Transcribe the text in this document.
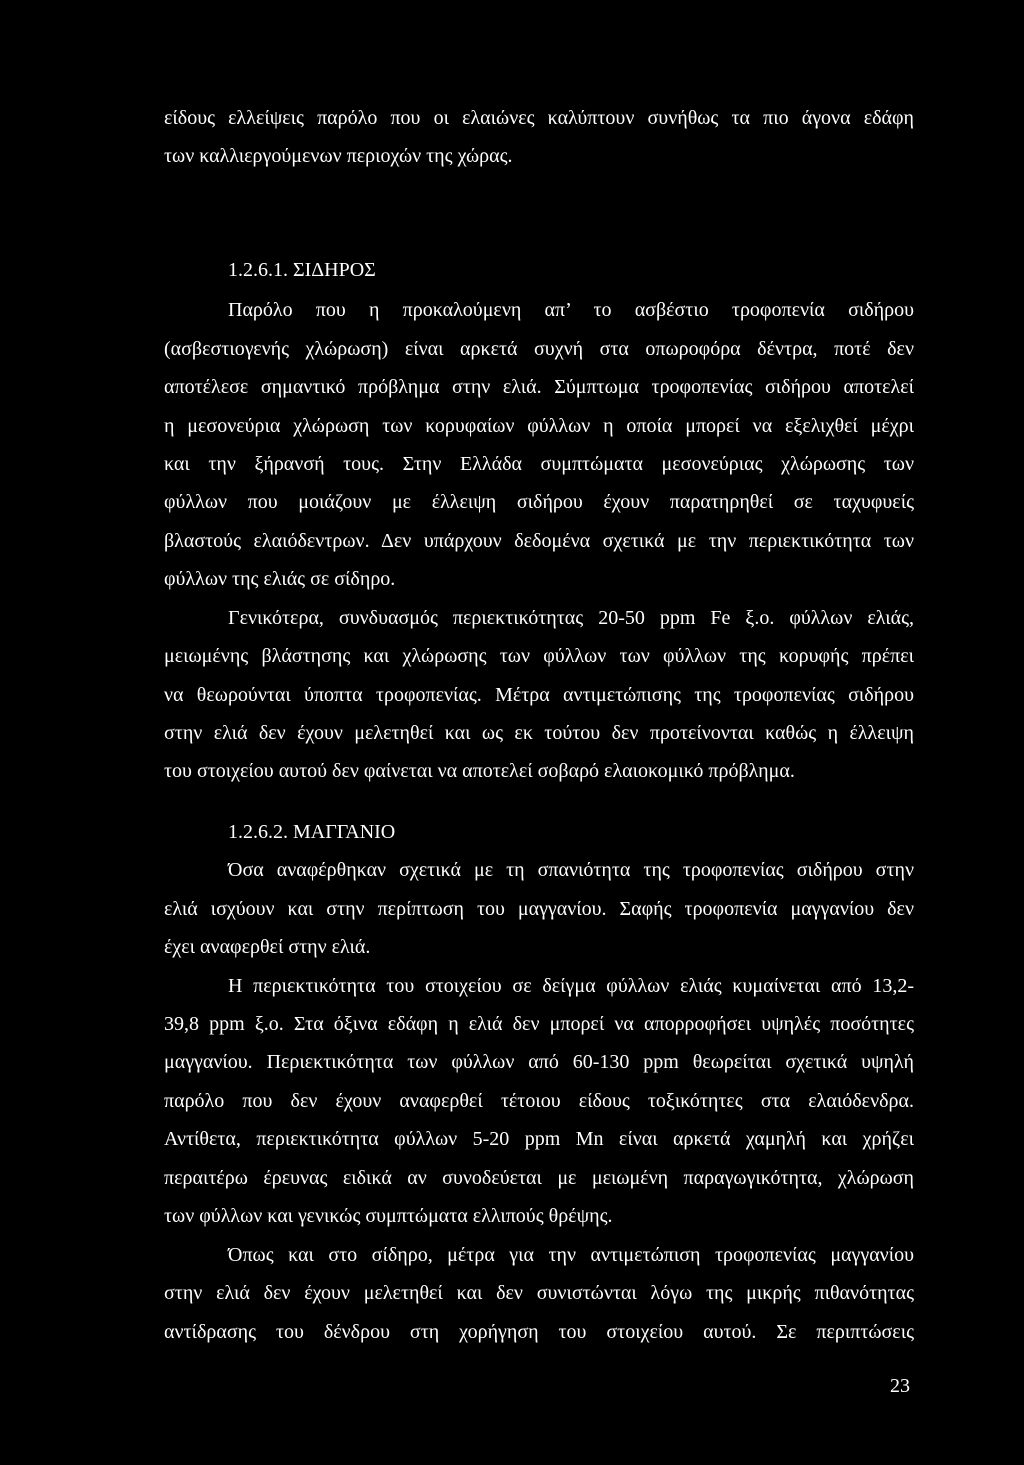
είδους ελλείψεις παρόλο που οι ελαιώνες καλύπτουν συνήθως τα πιο άγονα εδάφη
των καλλιεργούμενων περιοχών της χώρας.
1.2.6.1. ΣΙΔΗΡΟΣ
Παρόλο που η προκαλούμενη απ’ το ασβέστιο τροφοπενία σιδήρου
(ασβεστιογενής χλώρωση) είναι αρκετά συχνή στα οπωροφόρα δέντρα, ποτέ δεν
αποτέλεσε σημαντικό πρόβλημα στην ελιά. Σύμπτωμα τροφοπενίας σιδήρου αποτελεί
η μεσονεύρια χλώρωση των κορυφαίων φύλλων η οποία μπορεί να εξελιχθεί μέχρι
και την ξήρανσή τους. Στην Ελλάδα συμπτώματα μεσονεύριας χλώρωσης των
φύλλων που μοιάζουν με έλλειψη σιδήρου έχουν παρατηρηθεί σε ταχυφυείς
βλαστούς ελαιόδεντρων. Δεν υπάρχουν δεδομένα σχετικά με την περιεκτικότητα των
φύλλων της ελιάς σε σίδηρο.
Γενικότερα, συνδυασμός περιεκτικότητας 20-50 ppm Fe ξ.ο. φύλλων ελιάς,
μειωμένης βλάστησης και χλώρωσης των φύλλων των φύλλων της κορυφής πρέπει
να θεωρούνται ύποπτα τροφοπενίας. Μέτρα αντιμετώπισης της τροφοπενίας σιδήρου
στην ελιά δεν έχουν μελετηθεί και ως εκ τούτου δεν προτείνονται καθώς η έλλειψη
του στοιχείου αυτού δεν φαίνεται να αποτελεί σοβαρό ελαιοκομικό πρόβλημα.
1.2.6.2. ΜΑΓΓΑΝΙΟ
Όσα αναφέρθηκαν σχετικά με τη σπανιότητα της τροφοπενίας σιδήρου στην
ελιά ισχύουν και στην περίπτωση του μαγγανίου. Σαφής τροφοπενία μαγγανίου δεν
έχει αναφερθεί στην ελιά.
Η περιεκτικότητα του στοιχείου σε δείγμα φύλλων ελιάς κυμαίνεται από 13,2-
39,8 ppm ξ.ο. Στα όξινα εδάφη η ελιά δεν μπορεί να απορροφήσει υψηλές ποσότητες
μαγγανίου. Περιεκτικότητα των φύλλων από 60-130 ppm θεωρείται σχετικά υψηλή
παρόλο που δεν έχουν αναφερθεί τέτοιου είδους τοξικότητες στα ελαιόδενδρα.
Αντίθετα, περιεκτικότητα φύλλων 5-20 ppm Mn είναι αρκετά χαμηλή και χρήζει
περαιτέρω έρευνας ειδικά αν συνοδεύεται με μειωμένη παραγωγικότητα, χλώρωση
των φύλλων και γενικώς συμπτώματα ελλιπούς θρέψης.
Όπως και στο σίδηρο, μέτρα για την αντιμετώπιση τροφοπενίας μαγγανίου
στην ελιά δεν έχουν μελετηθεί και δεν συνιστώνται λόγω της μικρής πιθανότητας
αντίδρασης του δένδρου στη χορήγηση του στοιχείου αυτού. Σε περιπτώσεις
23
